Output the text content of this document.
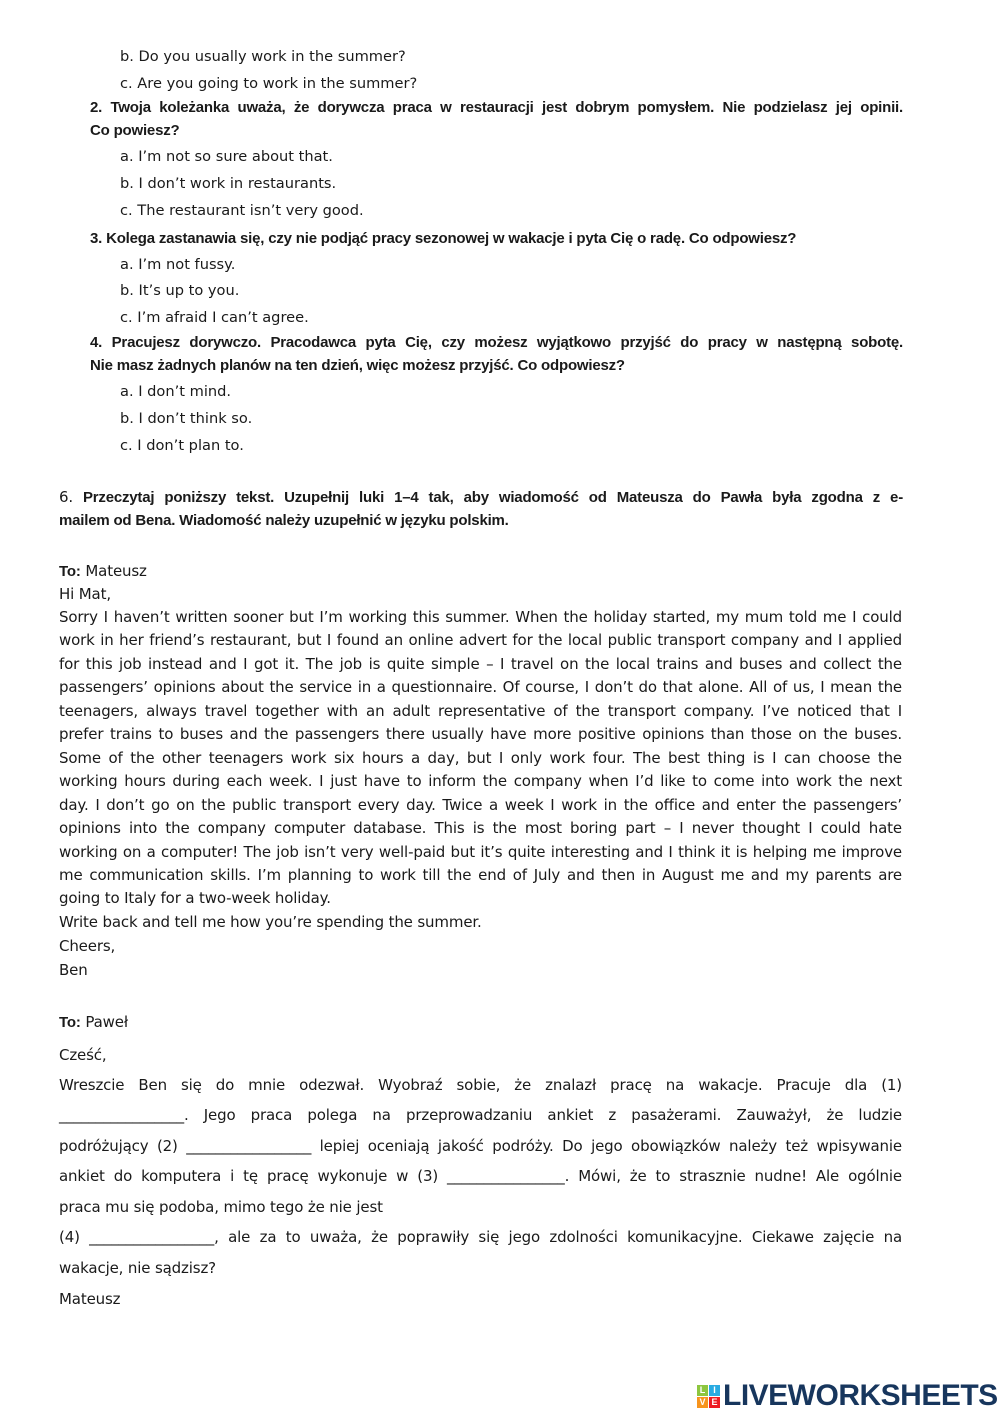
b. Do you usually work in the summer?
c. Are you going to work in the summer?
2. Twoja koleżanka uważa, że dorywcza praca w restauracji jest dobrym pomysłem. Nie podzielasz jej opinii.
Co powiesz?
a. I’m not so sure about that.
b. I don’t work in restaurants.
c. The restaurant isn’t very good.
3. Kolega zastanawia się, czy nie podjąć pracy sezonowej w wakacje i pyta Cię o radę. Co odpowiesz?
a. I’m not fussy.
b. It’s up to you.
c. I’m afraid I can’t agree.
4. Pracujesz dorywczo. Pracodawca pyta Cię, czy możesz wyjątkowo przyjść do pracy w następną sobotę.
Nie masz żadnych planów na ten dzień, więc możesz przyjść. Co odpowiesz?
a. I don’t mind.
b. I don’t think so.
c. I don’t plan to.
6. Przeczytaj poniższy tekst. Uzupełnij luki 1–4 tak, aby wiadomość od Mateusza do Pawła była zgodna z e-
mailem od Bena. Wiadomość należy uzupełnić w języku polskim.
To: Mateusz
Hi Mat,
Sorry I haven’t written sooner but I’m working this summer. When the holiday started, my mum told me I could
work in her friend’s restaurant, but I found an online advert for the local public transport company and I applied
for this job instead and I got it. The job is quite simple – I travel on the local trains and buses and collect the
passengers’ opinions about the service in a questionnaire. Of course, I don’t do that alone. All of us, I mean the
teenagers, always travel together with an adult representative of the transport company. I’ve noticed that I
prefer trains to buses and the passengers there usually have more positive opinions than those on the buses.
Some of the other teenagers work six hours a day, but I only work four. The best thing is I can choose the
working hours during each week. I just have to inform the company when I’d like to come into work the next
day. I don’t go on the public transport every day. Twice a week I work in the office and enter the passengers’
opinions into the company computer database. This is the most boring part – I never thought I could hate
working on a computer! The job isn’t very well-paid but it’s quite interesting and I think it is helping me improve
me communication skills. I’m planning to work till the end of July and then in August me and my parents are
going to Italy for a two-week holiday.
Write back and tell me how you’re spending the summer.
Cheers,
Ben
To: Paweł
Cześć,
Wreszcie Ben się do mnie odezwał. Wyobraź sobie, że znalazł pracę na wakacje. Pracuje dla (1)
_________________. Jego praca polega na przeprowadzaniu ankiet z pasażerami. Zauważył, że ludzie
podróżujący (2) _________________ lepiej oceniają jakość podróży. Do jego obowiązków należy też wpisywanie
ankiet do komputera i tę pracę wykonuje w (3) ________________. Mówi, że to strasznie nudne! Ale ogólnie
praca mu się podoba, mimo tego że nie jest
(4) _________________, ale za to uważa, że poprawiły się jego zdolności komunikacyjne. Ciekawe zajęcie na
wakacje, nie sądzisz?
Mateusz
L I
V E LIVEWORKSHEETS
